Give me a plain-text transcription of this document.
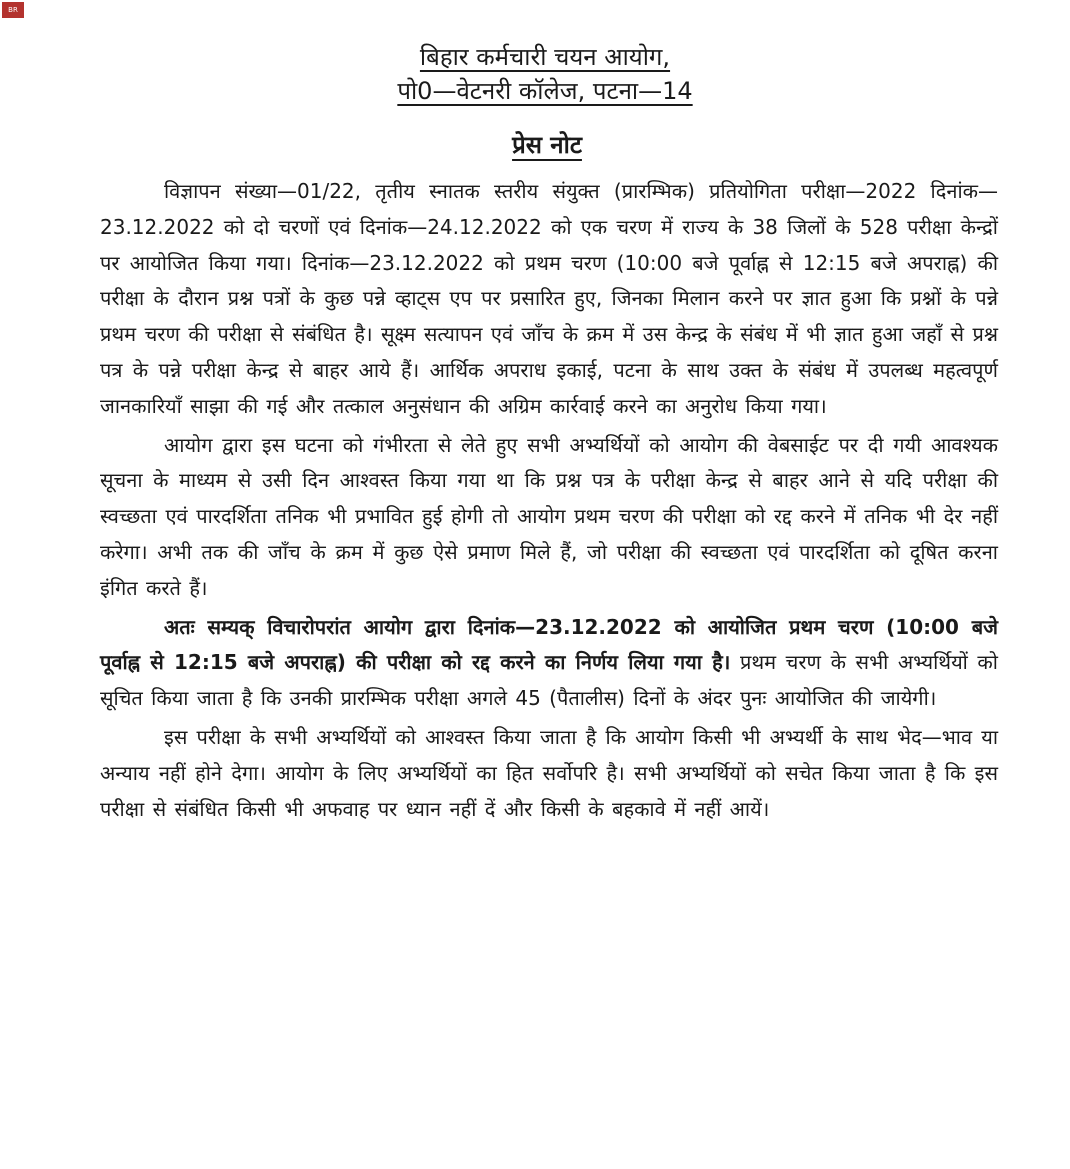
BR
बिहार कर्मचारी चयन आयोग,
पो0—वेटनरी कॉलेज, पटना—14
प्रेस नोट

विज्ञापन संख्या—01/22, तृतीय स्नातक स्तरीय संयुक्त (प्रारम्भिक) प्रतियोगिता परीक्षा—2022 दिनांक—23.12.2022 को दो चरणों एवं दिनांक—24.12.2022 को एक चरण में राज्य के 38 जिलों के 528 परीक्षा केन्द्रों पर आयोजित किया गया। दिनांक—23.12.2022 को प्रथम चरण (10:00 बजे पूर्वाह्न से 12:15 बजे अपराह्न) की परीक्षा के दौरान प्रश्न पत्रों के कुछ पन्ने व्हाट्स एप पर प्रसारित हुए, जिनका मिलान करने पर ज्ञात हुआ कि प्रश्नों के पन्ने प्रथम चरण की परीक्षा से संबंधित है। सूक्ष्म सत्यापन एवं जाँच के क्रम में उस केन्द्र के संबंध में भी ज्ञात हुआ जहाँ से प्रश्न पत्र के पन्ने परीक्षा केन्द्र से बाहर आये हैं। आर्थिक अपराध इकाई, पटना के साथ उक्त के संबंध में उपलब्ध महत्वपूर्ण जानकारियाँ साझा की गई और तत्काल अनुसंधान की अग्रिम कार्रवाई करने का अनुरोध किया गया।

आयोग द्वारा इस घटना को गंभीरता से लेते हुए सभी अभ्यर्थियों को आयोग की वेबसाईट पर दी गयी आवश्यक सूचना के माध्यम से उसी दिन आश्वस्त किया गया था कि प्रश्न पत्र के परीक्षा केन्द्र से बाहर आने से यदि परीक्षा की स्वच्छता एवं पारदर्शिता तनिक भी प्रभावित हुई होगी तो आयोग प्रथम चरण की परीक्षा को रद्द करने में तनिक भी देर नहीं करेगा। अभी तक की जाँच के क्रम में कुछ ऐसे प्रमाण मिले हैं, जो परीक्षा की स्वच्छता एवं पारदर्शिता को दूषित करना इंगित करते हैं।

अतः सम्यक् विचारोपरांत आयोग द्वारा दिनांक—23.12.2022 को आयोजित प्रथम चरण (10:00 बजे पूर्वाह्न से 12:15 बजे अपराह्न) की परीक्षा को रद्द करने का निर्णय लिया गया है। प्रथम चरण के सभी अभ्यर्थियों को सूचित किया जाता है कि उनकी प्रारम्भिक परीक्षा अगले 45 (पैतालीस) दिनों के अंदर पुनः आयोजित की जायेगी।

इस परीक्षा के सभी अभ्यर्थियों को आश्वस्त किया जाता है कि आयोग किसी भी अभ्यर्थी के साथ भेद—भाव या अन्याय नहीं होने देगा। आयोग के लिए अभ्यर्थियों का हित सर्वोपरि है। सभी अभ्यर्थियों को सचेत किया जाता है कि इस परीक्षा से संबंधित किसी भी अफवाह पर ध्यान नहीं दें और किसी के बहकावे में नहीं आयें।
